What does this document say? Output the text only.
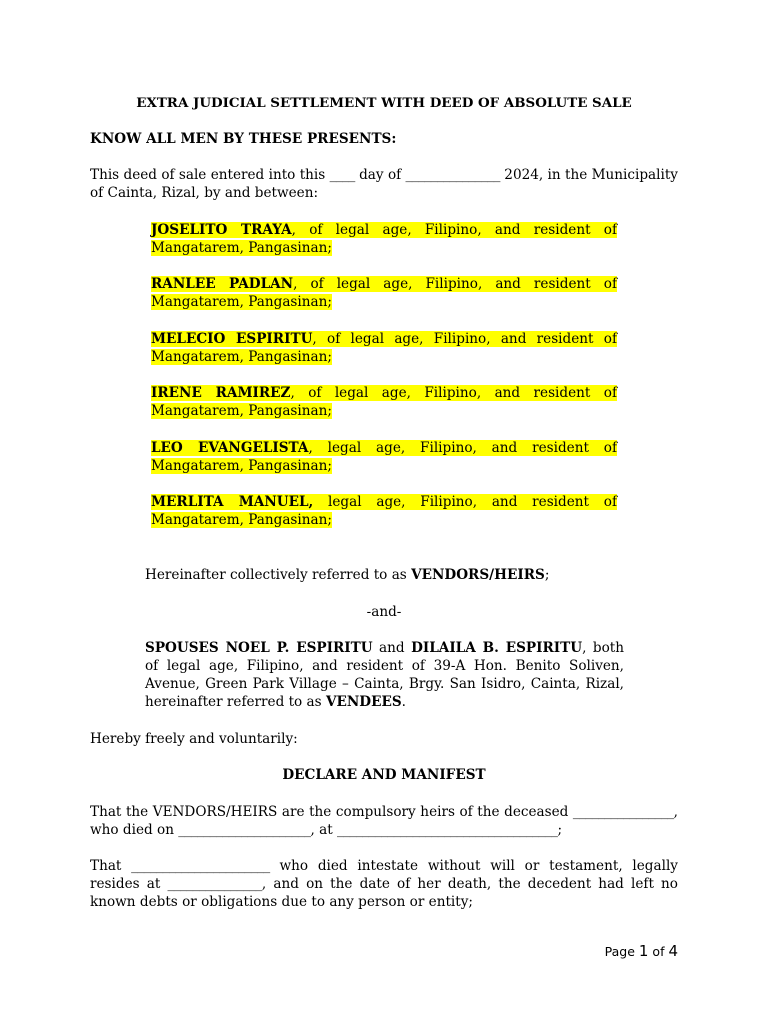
EXTRA JUDICIAL SETTLEMENT WITH DEED OF ABSOLUTE SALE
KNOW ALL MEN BY THESE PRESENTS:
This deed of sale entered into this ____ day of _______________ 2024, in the Municipality of Cainta, Rizal, by and between:
JOSELITO TRAYA, of legal age, Filipino, and resident of Mangatarem, Pangasinan;
RANLEE PADLAN, of legal age, Filipino, and resident of Mangatarem, Pangasinan;
MELECIO ESPIRITU, of legal age, Filipino, and resident of Mangatarem, Pangasinan;
IRENE RAMIREZ, of legal age, Filipino, and resident of Mangatarem, Pangasinan;
LEO EVANGELISTA, legal age, Filipino, and resident of Mangatarem, Pangasinan;
MERLITA MANUEL, legal age, Filipino, and resident of Mangatarem, Pangasinan;
Hereinafter collectively referred to as VENDORS/HEIRS;
-and-
SPOUSES NOEL P. ESPIRITU and DILAILA B. ESPIRITU, both of legal age, Filipino, and resident of 39-A Hon. Benito Soliven, Avenue, Green Park Village – Cainta, Brgy. San Isidro, Cainta, Rizal, hereinafter referred to as VENDEES.
Hereby freely and voluntarily:
DECLARE AND MANIFEST
That the VENDORS/HEIRS are the compulsory heirs of the deceased ________________, who died on _____________________, at ___________________________________;
That ______________________ who died intestate without will or testament, legally resides at _______________, and on the date of her death, the decedent had left no known debts or obligations due to any person or entity;
Page 1 of 4
